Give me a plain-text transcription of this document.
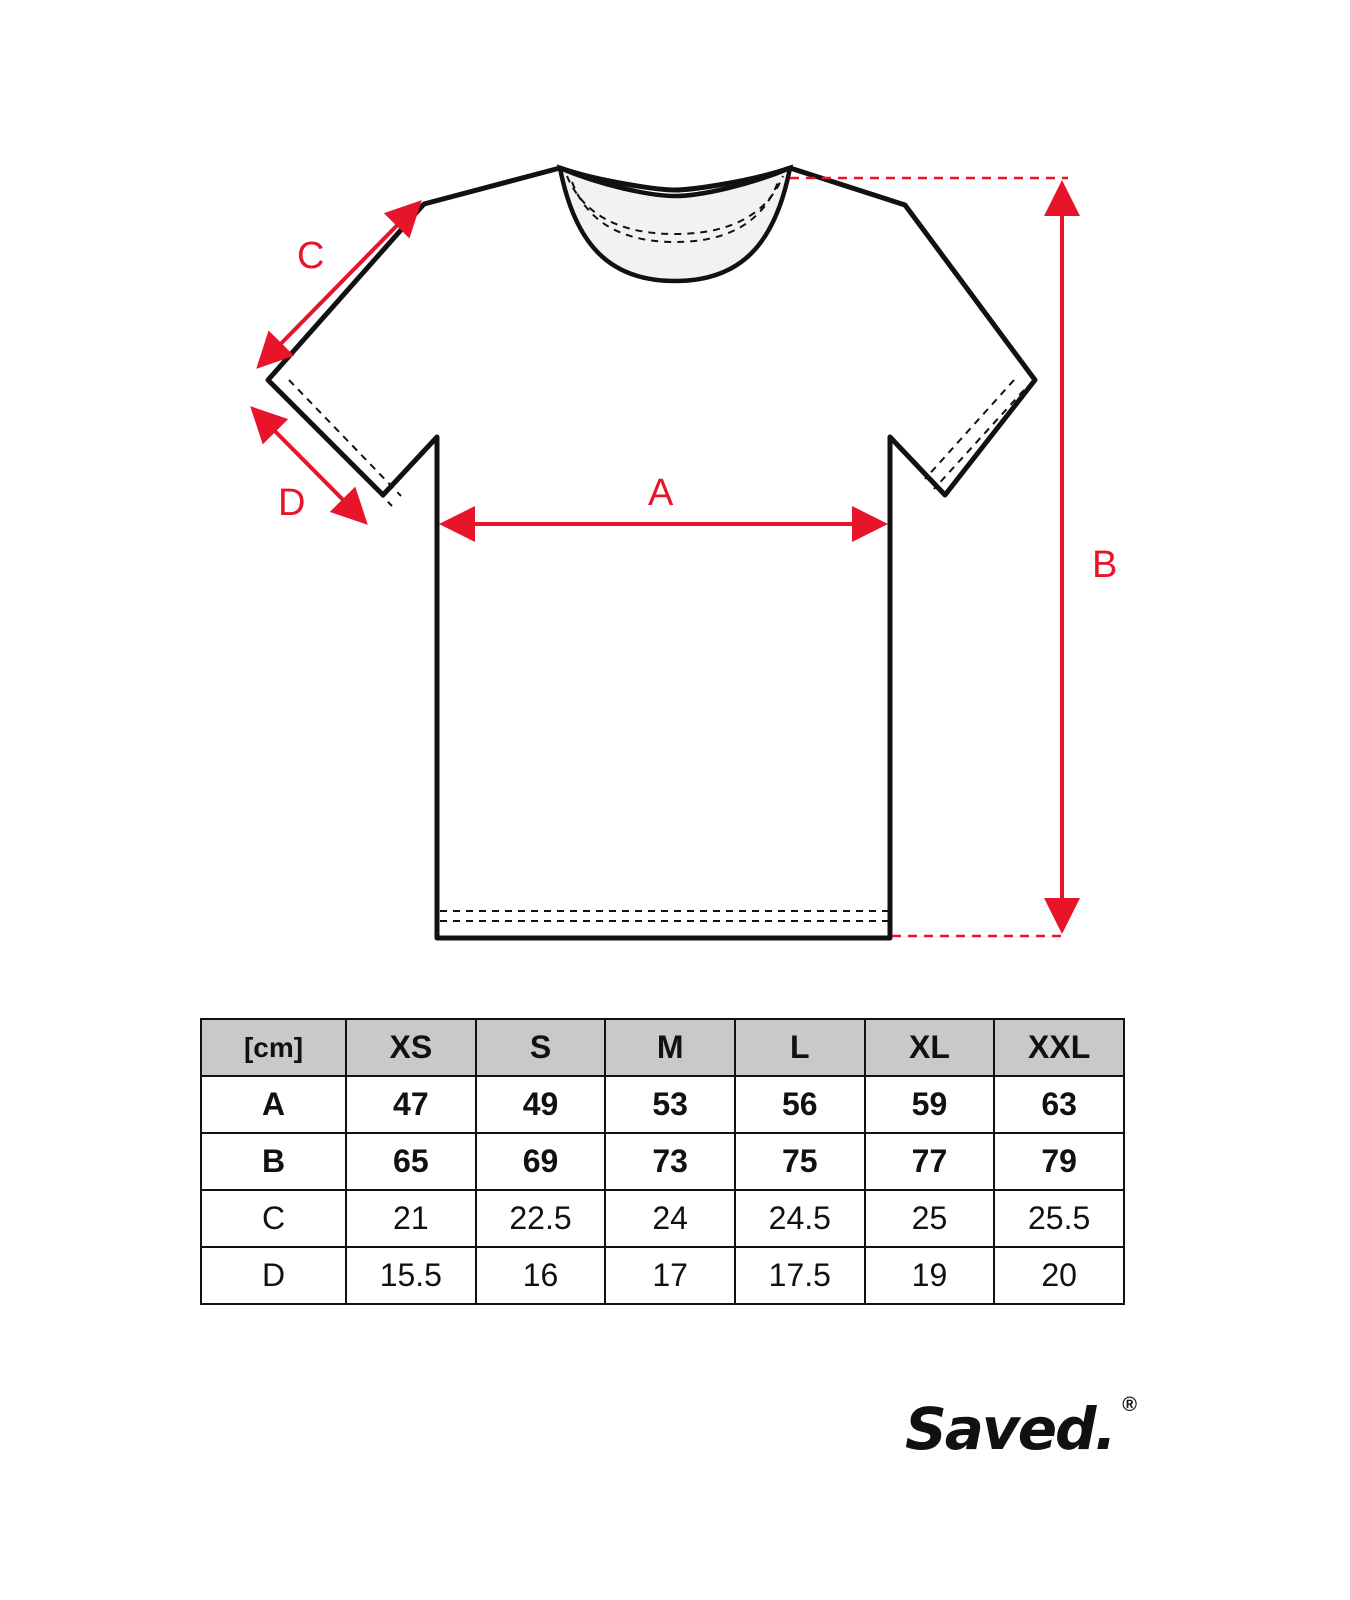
A
B
C
D
[cm]	XS	S	M	L	XL	XXL
A	47	49	53	56	59	63
B	65	69	73	75	77	79
C	21	22.5	24	24.5	25	25.5
D	15.5	16	17	17.5	19	20
Saved. ®
